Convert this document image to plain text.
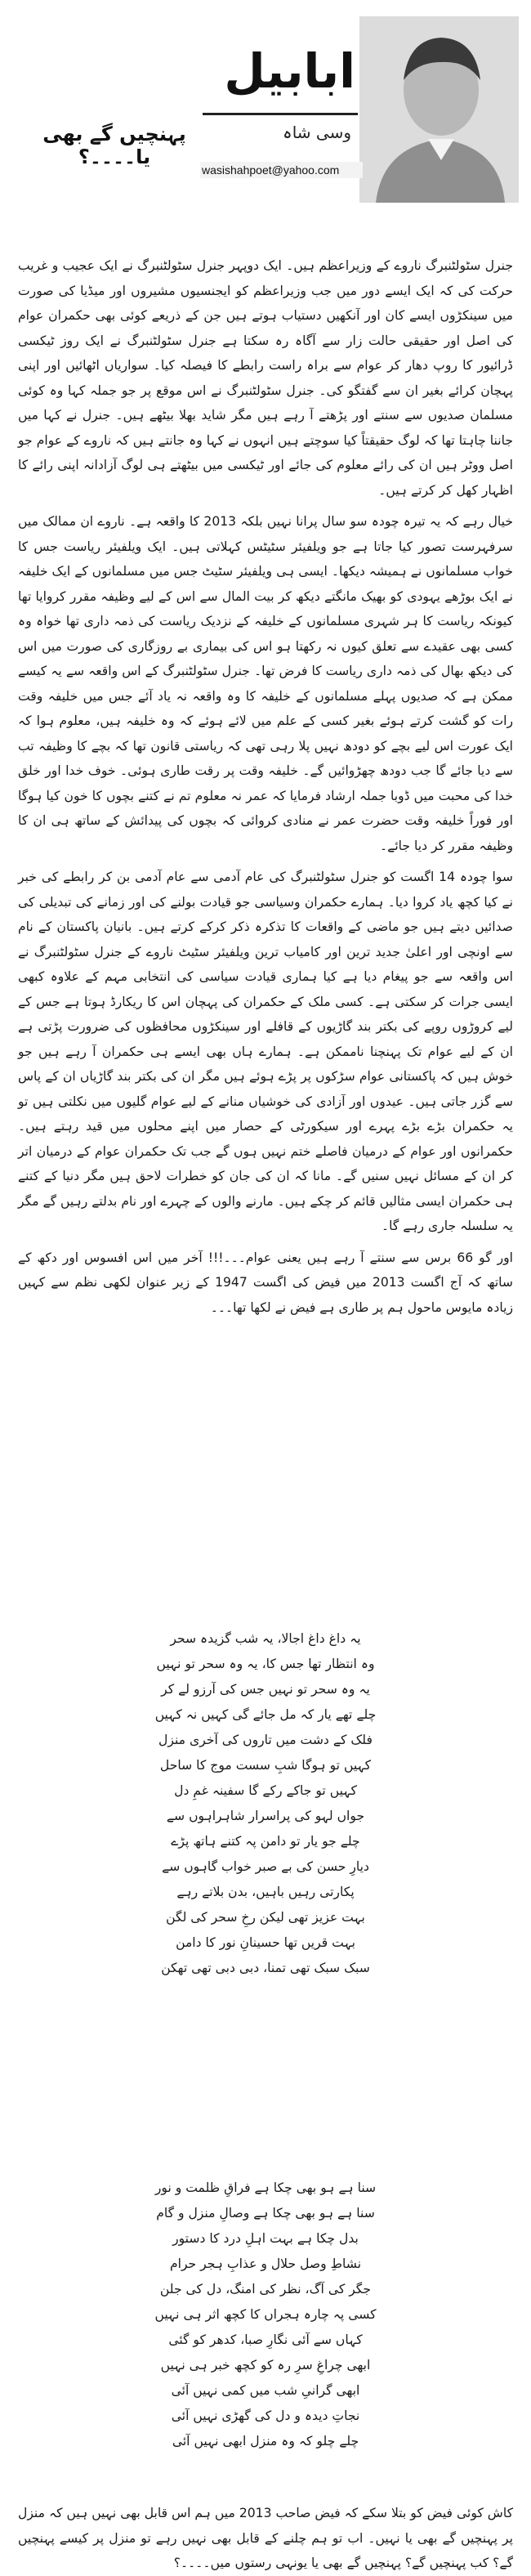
ابابیل
وسی شاہ
wasishahpoet@yahoo.com
پہنچیں گے بھی یا۔۔۔۔؟

جنرل سٹولٹنبرگ ناروے کے وزیراعظم ہیں۔ ایک دوپہر جنرل سٹولٹنبرگ نے ایک عجیب و غریب حرکت کی کہ ایک ایسے دور میں جب وزیراعظم کو ایجنسیوں مشیروں اور میڈیا کی صورت میں سینکڑوں ایسے کان اور آنکھیں دستیاب ہوتے ہیں جن کے ذریعے کوئی بھی حکمران عوام کی اصل اور حقیقی حالت زار سے آگاہ رہ سکتا ہے جنرل سٹولٹنبرگ نے ایک روز ٹیکسی ڈرائیور کا روپ دھار کر عوام سے براہ راست رابطے کا فیصلہ کیا۔ سواریاں اٹھائیں اور اپنی پہچان کرائے بغیر ان سے گفتگو کی۔ جنرل سٹولٹنبرگ نے اس موقع پر جو جملہ کہا وہ کوئی مسلمان صدیوں سے سنتے اور پڑھتے آ رہے ہیں مگر شاید بھلا بیٹھے ہیں۔ جنرل نے کہا میں جاننا چاہتا تھا کہ لوگ حقیقتاً کیا سوچتے ہیں انہوں نے کہا وہ جانتے ہیں کہ ناروے کے عوام جو اصل ووٹر ہیں ان کی رائے معلوم کی جائے اور ٹیکسی میں بیٹھتے ہی لوگ آزادانہ اپنی رائے کا اظہار کھل کر کرتے ہیں۔

خیال رہے کہ یہ تیرہ چودہ سو سال پرانا نہیں بلکہ 2013 کا واقعہ ہے۔ ناروے ان ممالک میں سرفہرست تصور کیا جاتا ہے جو ویلفیئر سٹیٹس کہلاتی ہیں۔ ایک ویلفیئر ریاست جس کا خواب مسلمانوں نے ہمیشہ دیکھا۔ ایسی ہی ویلفیئر سٹیٹ جس میں مسلمانوں کے ایک خلیفہ نے ایک بوڑھے یہودی کو بھیک مانگتے دیکھ کر بیت المال سے اس کے لیے وظیفہ مقرر کروایا تھا کیونکہ ریاست کا ہر شہری مسلمانوں کے خلیفہ کے نزدیک ریاست کی ذمہ داری تھا خواہ وہ کسی بھی عقیدے سے تعلق کیوں نہ رکھتا ہو اس کی بیماری بے روزگاری کی صورت میں اس کی دیکھ بھال کی ذمہ داری ریاست کا فرض تھا۔ جنرل سٹولٹنبرگ کے اس واقعہ سے یہ کیسے ممکن ہے کہ صدیوں پہلے مسلمانوں کے خلیفہ کا وہ واقعہ نہ یاد آئے جس میں خلیفہ وقت رات کو گشت کرتے ہوئے بغیر کسی کے علم میں لائے ہوئے کہ وہ خلیفہ ہیں، معلوم ہوا کہ ایک عورت اس لیے بچے کو دودھ نہیں پلا رہی تھی کہ ریاستی قانون تھا کہ بچے کا وظیفہ تب سے دیا جائے گا جب دودھ چھڑوائیں گے۔ خلیفہ وقت پر رقت طاری ہوئی۔ خوف خدا اور خلق خدا کی محبت میں ڈوبا جملہ ارشاد فرمایا کہ عمر نہ معلوم تم نے کتنے بچوں کا خون کیا ہوگا اور فوراً خلیفہ وقت حضرت عمر نے منادی کروائی کہ بچوں کی پیدائش کے ساتھ ہی ان کا وظیفہ مقرر کر دیا جائے۔

سوا چودہ 14 اگست کو جنرل سٹولٹنبرگ کی عام آدمی سے عام آدمی بن کر رابطے کی خبر نے کیا کچھ یاد کروا دیا۔ ہمارے حکمران وسیاسی جو قیادت بولنے کی اور زمانے کی تبدیلی کی صدائیں دیتے ہیں جو ماضی کے واقعات کا تذکرہ ذکر کرکے کرتے ہیں۔ بانیان پاکستان کے نام سے اونچی اور اعلیٰ جدید ترین اور کامیاب ترین ویلفیئر سٹیٹ ناروے کے جنرل سٹولٹنبرگ نے اس واقعہ سے جو پیغام دیا ہے کیا ہماری قیادت سیاسی کی انتخابی مہم کے علاوہ کبھی ایسی جرات کر سکتی ہے۔ کسی ملک کے حکمران کی پہچان اس کا ریکارڈ ہوتا ہے جس کے لیے کروڑوں روپے کی بکتر بند گاڑیوں کے قافلے اور سینکڑوں محافظوں کی ضرورت پڑتی ہے ان کے لیے عوام تک پہنچنا ناممکن ہے۔ ہمارے ہاں بھی ایسے ہی حکمران آ رہے ہیں جو خوش ہیں کہ پاکستانی عوام سڑکوں پر پڑے ہوئے ہیں مگر ان کی بکتر بند گاڑیاں ان کے پاس سے گزر جاتی ہیں۔ عیدوں اور آزادی کی خوشیاں منانے کے لیے عوام گلیوں میں نکلتی ہیں تو یہ حکمران بڑے بڑے پہرے اور سیکورٹی کے حصار میں اپنے محلوں میں قید رہتے ہیں۔ حکمرانوں اور عوام کے درمیان فاصلے ختم نہیں ہوں گے جب تک حکمران عوام کے درمیان اتر کر ان کے مسائل نہیں سنیں گے۔ مانا کہ ان کی جان کو خطرات لاحق ہیں مگر دنیا کے کتنے ہی حکمران ایسی مثالیں قائم کر چکے ہیں۔ مارنے والوں کے چہرے اور نام بدلتے رہیں گے مگر یہ سلسلہ جاری رہے گا۔

اور گو 66 برس سے سنتے آ رہے ہیں یعنی عوام۔۔۔!!! آخر میں اس افسوس اور دکھ کے ساتھ کہ آج اگست 2013 میں فیض کی اگست 1947 کے زیر عنوان لکھی نظم سے کہیں زیادہ مایوس ماحول ہم پر طاری ہے فیض نے لکھا تھا۔۔۔

یہ داغ داغ اجالا، یہ شب گزیدہ سحر
وہ انتظار تھا جس کا، یہ وہ سحر تو نہیں
یہ وہ سحر تو نہیں جس کی آرزو لے کر
چلے تھے یار کہ مل جائے گی کہیں نہ کہیں
فلک کے دشت میں تاروں کی آخری منزل
کہیں تو ہوگا شبِ سست موج کا ساحل
کہیں تو جاکے رکے گا سفینہ غمِ دل
جواں لہو کی پراسرار شاہراہوں سے
چلے جو یار تو دامن پہ کتنے ہاتھ پڑے
دیارِ حسن کی بے صبر خواب گاہوں سے
پکارتی رہیں باہیں، بدن بلاتے رہے
بہت عزیز تھی لیکن رخِ سحر کی لگن
بہت قریں تھا حسینانِ نور کا دامن
سبک سبک تھی تمنا، دبی دبی تھی تھکن
سنا ہے ہو بھی چکا ہے فراقِ ظلمت و نور
سنا ہے ہو بھی چکا ہے وصالِ منزل و گام
بدل چکا ہے بہت اہلِ درد کا دستور
نشاطِ وصل حلال و عذابِ ہجر حرام
جگر کی آگ، نظر کی امنگ، دل کی جلن
کسی پہ چارہ ہجراں کا کچھ اثر ہی نہیں
کہاں سے آئی نگارِ صبا، کدھر کو گئی
ابھی چراغِ سرِ رہ کو کچھ خبر ہی نہیں
ابھی گرانیِ شب میں کمی نہیں آئی
نجاتِ دیدہ و دل کی گھڑی نہیں آئی
چلے چلو کہ وہ منزل ابھی نہیں آئی
کاش کوئی فیض کو بتلا سکے کہ فیض صاحب 2013 میں ہم اس قابل بھی نہیں ہیں کہ منزل پر پہنچیں گے بھی یا نہیں۔ اب تو ہم چلنے کے قابل بھی نہیں رہے تو منزل پر کیسے پہنچیں گے؟ کب پہنچیں گے؟ پہنچیں گے بھی یا یونہی رستوں میں۔۔۔۔؟
